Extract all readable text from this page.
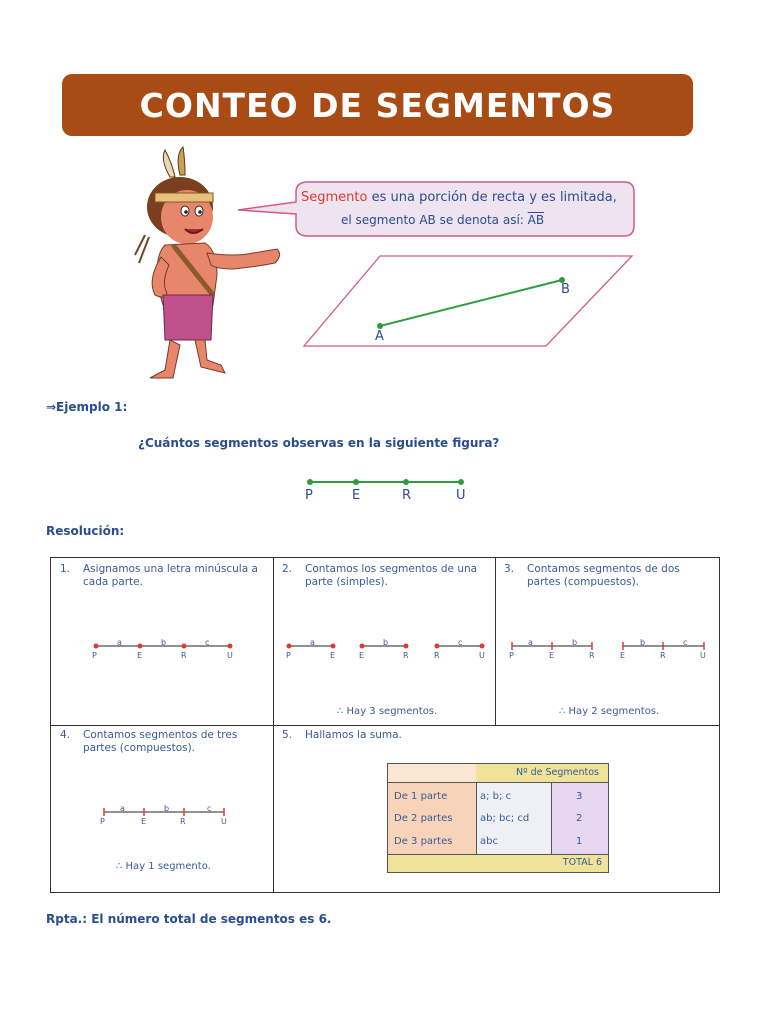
CONTEO DE SEGMENTOS
Segmento es una porción de recta y es limitada,
el segmento AB se denota así: $\overline{AB}$
A
B
⇒Ejemplo 1:
¿Cuántos segmentos observas en la siguiente figura?
P	E	R	U
Resolución:
1. Asignamos una letra minúscula a cada parte.
a	b	c
P	E	R	U
2. Contamos los segmentos de una parte (simples).
a	b	c
P	E	E	R	R	U
∴ Hay 3 segmentos.
3. Contamos segmentos de dos partes (compuestos).
a	b	b	c
P	E	R	E	R	U
∴ Hay 2 segmentos.
4. Contamos segmentos de tres partes (compuestos).
a	b	c
P	E	R	U
∴ Hay 1 segmento.
5. Hallamos la suma.
Nº de Segmentos
TOTAL 6
De 1 parte	a; b; c	3
De 2 partes	ab; bc; cd	2
De 3 partes	abc	1
Rpta.: El número total de segmentos es 6.
